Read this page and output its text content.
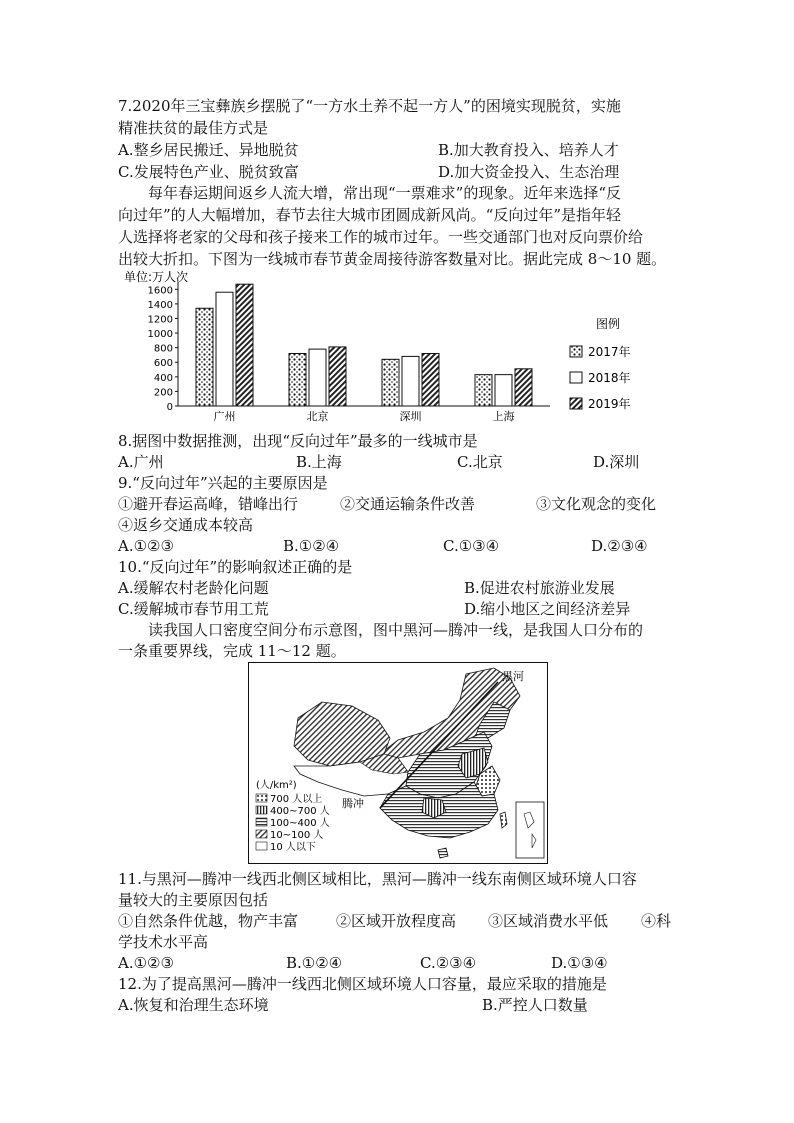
7.2020年三宝彝族乡摆脱了“一方水土养不起一方人”的困境实现脱贫，实施
精准扶贫的最佳方式是
A.整乡居民搬迁、异地脱贫	B.加大教育投入、培养人才
C.发展特色产业、脱贫致富	D.加大资金投入、生态治理
每年春运期间返乡人流大增，常出现“一票难求”的现象。近年来选择“反
向过年”的人大幅增加，春节去往大城市团圆成新风尚。“反向过年”是指年轻
人选择将老家的父母和孩子接来工作的城市过年。一些交通部门也对反向票价给
出较大折扣。下图为一线城市春节黄金周接待游客数量对比。据此完成 8～10 题。
单位:万人次
0
200
400
600
800
1000
1200
1400
1600
广州	北京	深圳	上海
图例
2017年
2018年
2019年
8.据图中数据推测，出现“反向过年”最多的一线城市是
A.广州	B.上海	C.北京	D.深圳
9.“反向过年”兴起的主要原因是
①避开春运高峰，错峰出行	②交通运输条件改善	③文化观念的变化
④返乡交通成本较高
A.①②③	B.①②④	C.①③④	D.②③④
10.“反向过年”的影响叙述正确的是
A.缓解农村老龄化问题	B.促进农村旅游业发展
C.缓解城市春节用工荒	D.缩小地区之间经济差异
读我国人口密度空间分布示意图，图中黑河—腾冲一线，是我国人口分布的
一条重要界线，完成 11～12 题。
黑河
腾冲
(人/km²)
700 人以上
400~700 人
100~400 人
10~100 人
10 人以下
11.与黑河—腾冲一线西北侧区域相比，黑河—腾冲一线东南侧区域环境人口容
量较大的主要原因包括
①自然条件优越，物产丰富	②区域开放程度高 ③区域消费水平低 ④科
学技术水平高
A.①②③	B.①②④	C.②③④	D.①③④
12.为了提高黑河—腾冲一线西北侧区域环境人口容量，最应采取的措施是
A.恢复和治理生态环境	B.严控人口数量
